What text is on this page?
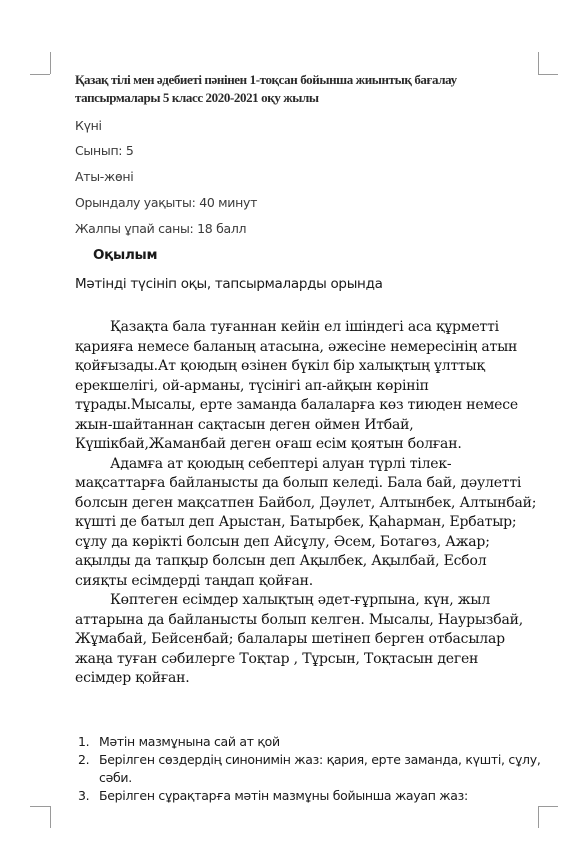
Қазақ тілі мен әдебиеті пәнінен 1-тоқсан бойынша жиынтық бағалау
тапсырмалары 5 класс 2020-2021 оқу жылы
Күні
Сынып: 5
Аты-жөні
Орындалу уақыты: 40 минут
Жалпы ұпай саны: 18 балл
Оқылым
Мәтінді түсініп оқы, тапсырмаларды орында

Қазақта бала туғаннан кейін ел ішіндегі аса құрметті қарияға немесе баланың атасына, әжесіне немересінің атын қойғызады.Ат қоюдың өзінен бүкіл бір халықтың ұлттық ерекшелігі, ой-арманы, түсінігі ап-айқын көрініп тұрады.Мысалы, ерте заманда балаларға көз тиюден немесе жын-шайтаннан сақтасын деген оймен Итбай, Күшікбай,Жаманбай деген оғаш есім қоятын болған.

Адамға ат қоюдың себептері алуан түрлі тілек-мақсаттарға байланысты да болып келеді. Бала бай, дәулетті болсын деген мақсатпен Байбол, Дәулет, Алтынбек, Алтынбай; күшті де батыл деп Арыстан, Батырбек, Қаһарман, Ербатыр; сұлу да көрікті болсын деп Айсұлу, Әсем, Ботагөз, Ажар; ақылды да тапқыр болсын деп Ақылбек, Ақылбай, Есбол сияқты есімдерді таңдап қойған.

Көптеген есімдер халықтың әдет-ғұрпына, күн, жыл аттарына да байланысты болып келген. Мысалы, Наурызбай, Жұмабай, Бейсенбай; балалары шетінеп берген отбасылар жаңа туған сәбилерге Тоқтар , Тұрсын, Тоқтасын деген есімдер қойған.

1. Мәтін мазмұнына сай ат қой
2. Берілген сөздердің синонимін жаз: қария, ерте заманда, күшті, сұлу, сәби.
3. Берілген сұрақтарға мәтін мазмұны бойынша жауап жаз:
